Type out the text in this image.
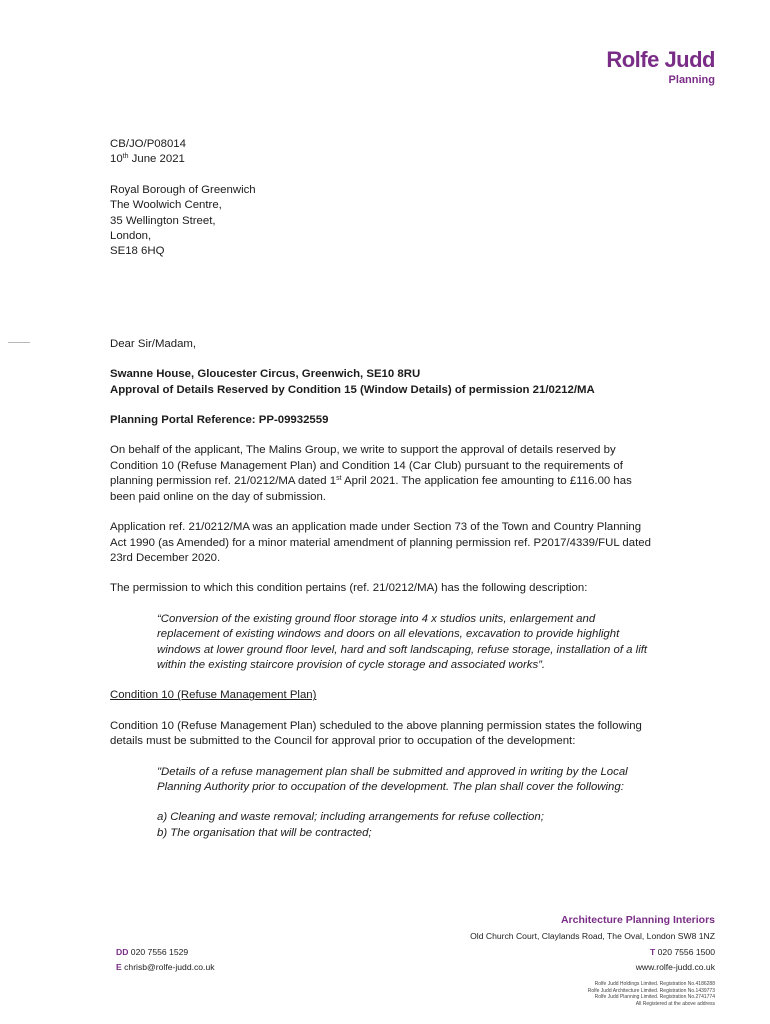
Rolfe Judd
Planning

CB/JO/P08014

10th June 2021

Royal Borough of Greenwich

The Woolwich Centre,

35 Wellington Street,

London,

SE18 6HQ

Dear Sir/Madam,

Swanne House, Gloucester Circus, Greenwich, SE10 8RU

Approval of Details Reserved by Condition 15 (Window Details) of permission 21/0212/MA

Planning Portal Reference: PP-09932559

On behalf of the applicant, The Malins Group, we write to support the approval of details reserved by Condition 10 (Refuse Management Plan) and Condition 14 (Car Club) pursuant to the requirements of planning permission ref. 21/0212/MA dated 1st April 2021. The application fee amounting to £116.00 has been paid online on the day of submission.

Application ref. 21/0212/MA was an application made under Section 73 of the Town and Country Planning Act 1990 (as Amended) for a minor material amendment of planning permission ref. P2017/4339/FUL dated 23rd December 2020.

The permission to which this condition pertains (ref. 21/0212/MA) has the following description:

“Conversion of the existing ground floor storage into 4 x studios units, enlargement and replacement of existing windows and doors on all elevations, excavation to provide highlight windows at lower ground floor level, hard and soft landscaping, refuse storage, installation of a lift within the existing staircore provision of cycle storage and associated works”.

Condition 10 (Refuse Management Plan)

Condition 10 (Refuse Management Plan) scheduled to the above planning permission states the following details must be submitted to the Council for approval prior to occupation of the development:

"Details of a refuse management plan shall be submitted and approved in writing by the Local Planning Authority prior to occupation of the development. The plan shall cover the following:

a) Cleaning and waste removal; including arrangements for refuse collection;

b) The organisation that will be contracted;

Architecture Planning Interiors
Old Church Court, Claylands Road, The Oval, London SW8 1NZ
DD 020 7556 1529
E chrisb@rolfe-judd.co.uk
T 020 7556 1500
www.rolfe-judd.co.uk
Rolfe Judd Holdings Limited. Registration No.4186288
Rolfe Judd Architecture Limited. Registration No.1439773
Rolfe Judd Planning Limited. Registration No.2741774
All Registered at the above address
